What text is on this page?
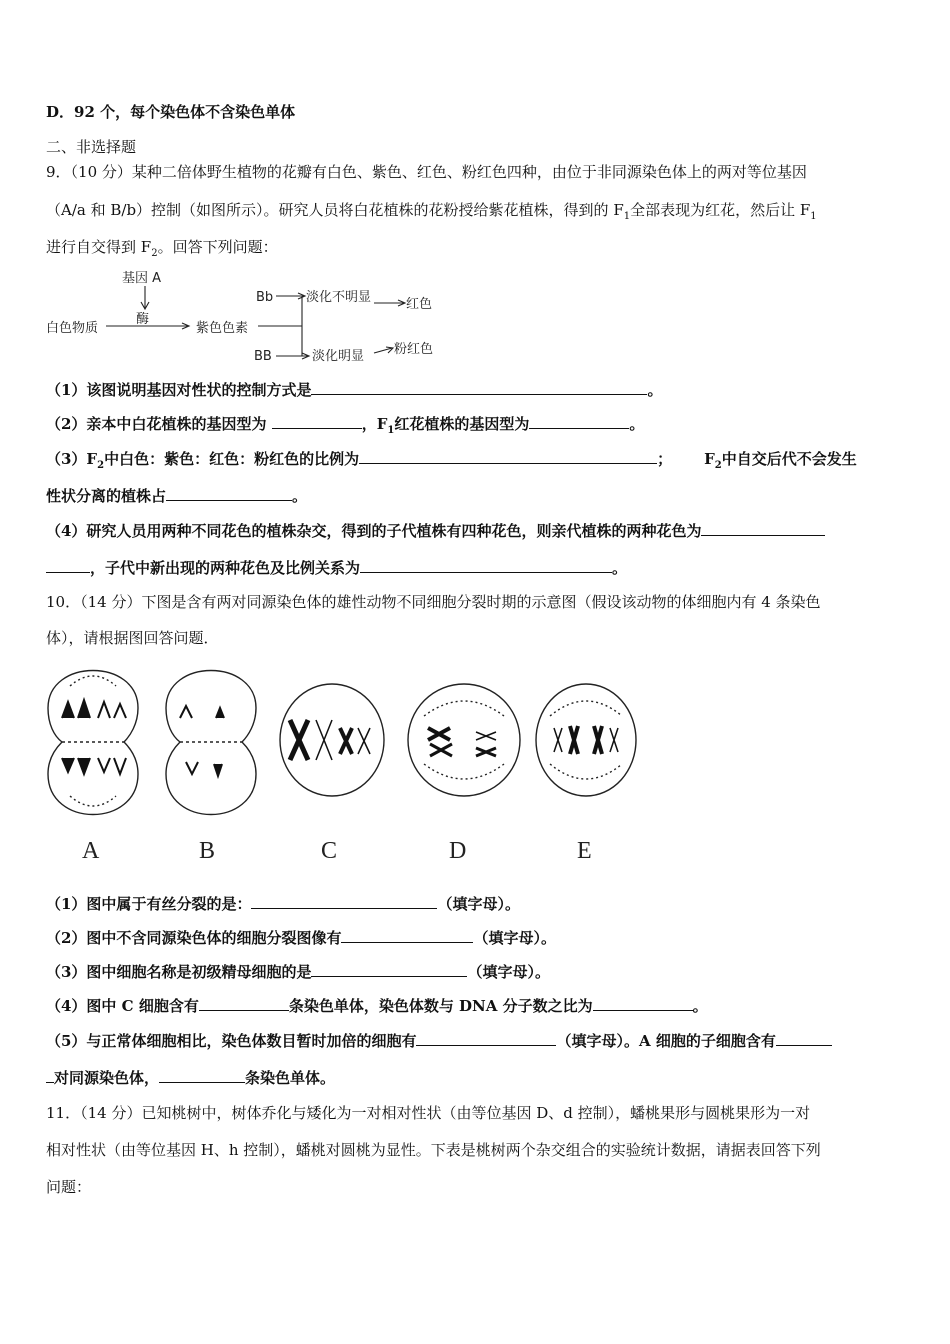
D．92 个，每个染色体不含染色单体
二、非选择题
9．（10 分）某种二倍体野生植物的花瓣有白色、紫色、红色、粉红色四种，由位于非同源染色体上的两对等位基因
（A/a 和 B/b）控制（如图所示）。研究人员将白花植株的花粉授给紫花植株，得到的 $F_1$全部表现为红花，然后让 $F_1$
进行自交得到 $F_2$。回答下列问题：
基因 A
酶
白色物质	紫色色素
Bb
BB
淡化不明显
淡化明显
红色
粉红色
（1）该图说明基因对性状的控制方式是	。
（2）亲本中白花植株的基因型为	，$F_1$红花植株的基因型为	。
$(3)F_2$中白色：紫色：红色：粉红色的比例为	； $F_2$中自交后代不会发生
性状分离的植株占	。
（4）研究人员用两种不同花色的植株杂交，得到的子代植株有四种花色，则亲代植株的两种花色为
，子代中新出现的两种花色及比例关系为	。
10．（14 分）下图是含有两对同源染色体的雄性动物不同细胞分裂时期的示意图（假设该动物的体细胞内有 4 条染色
体），请根据图回答问题．
A	B	C	D	E
（1）图中属于有丝分裂的是：	（填字母）。
（2）图中不含同源染色体的细胞分裂图像有	（填字母）。
（3）图中细胞名称是初级精母细胞的是	（填字母）。
（4）图中 C 细胞含有	条染色单体，染色体数与 DNA 分子数之比为	。
（5）与正常体细胞相比，染色体数目暂时加倍的细胞有	（填字母）。A 细胞的子细胞含有
对同源染色体，	条染色单体。
11．（14 分）已知桃树中，树体乔化与矮化为一对相对性状（由等位基因 D、d 控制），蟠桃果形与圆桃果形为一对
相对性状（由等位基因 H、h 控制），蟠桃对圆桃为显性。下表是桃树两个杂交组合的实验统计数据，请据表回答下列
问题：
